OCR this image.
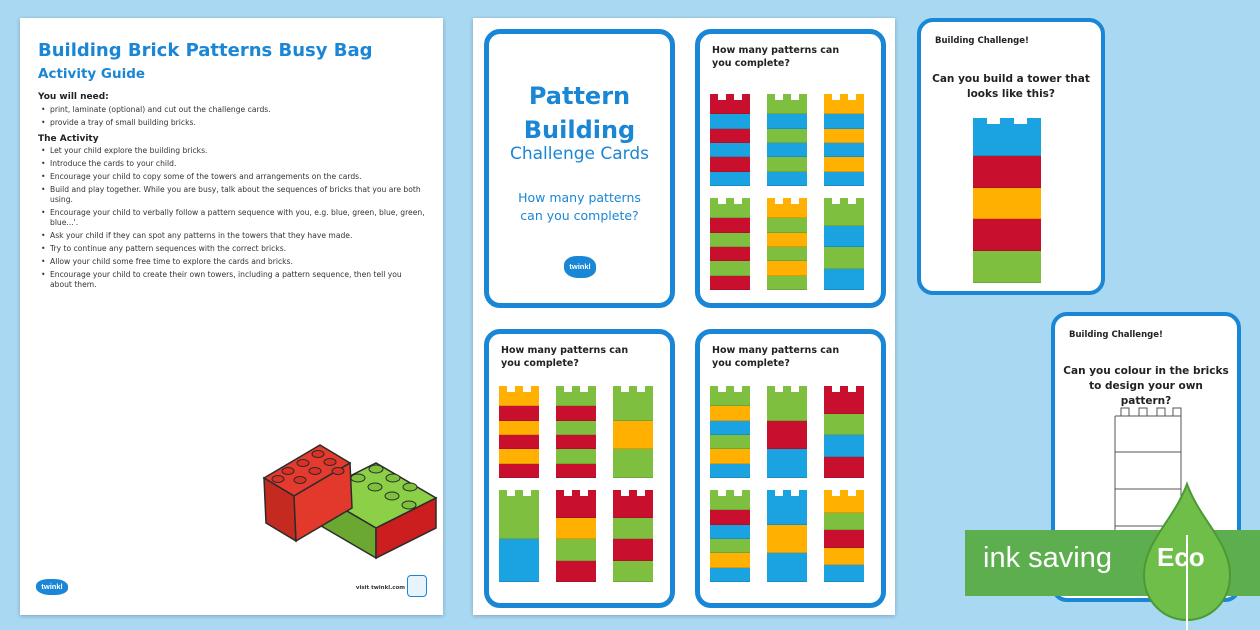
Building Brick Patterns Busy Bag
Activity Guide
You will need:
• print, laminate (optional) and cut out the challenge cards.
• provide a tray of small building bricks.
The Activity
• Let your child explore the building bricks.
• Introduce the cards to your child.
• Encourage your child to copy some of the towers and arrangements on the cards.
• Build and play together. While you are busy, talk about the sequences of bricks that you are both using.
• Encourage your child to verbally follow a pattern sequence with you, e.g. blue, green, blue, green, blue...'.
• Ask your child if they can spot any patterns in the towers that they have made.
• Try to continue any pattern sequences with the correct bricks.
• Allow your child some free time to explore the cards and bricks.
• Encourage your child to create their own towers, including a pattern sequence, then tell you about them.
twinkl	visit twinkl.com
Pattern
Building
Challenge Cards
How many patterns can you complete?
twinkl
How many patterns can you complete?
How many patterns can you complete?
How many patterns can you complete?
Building Challenge!
Can you build a tower that looks like this?
Building Challenge!
Can you colour in the bricks to design your own pattern?
ink saving Eco
